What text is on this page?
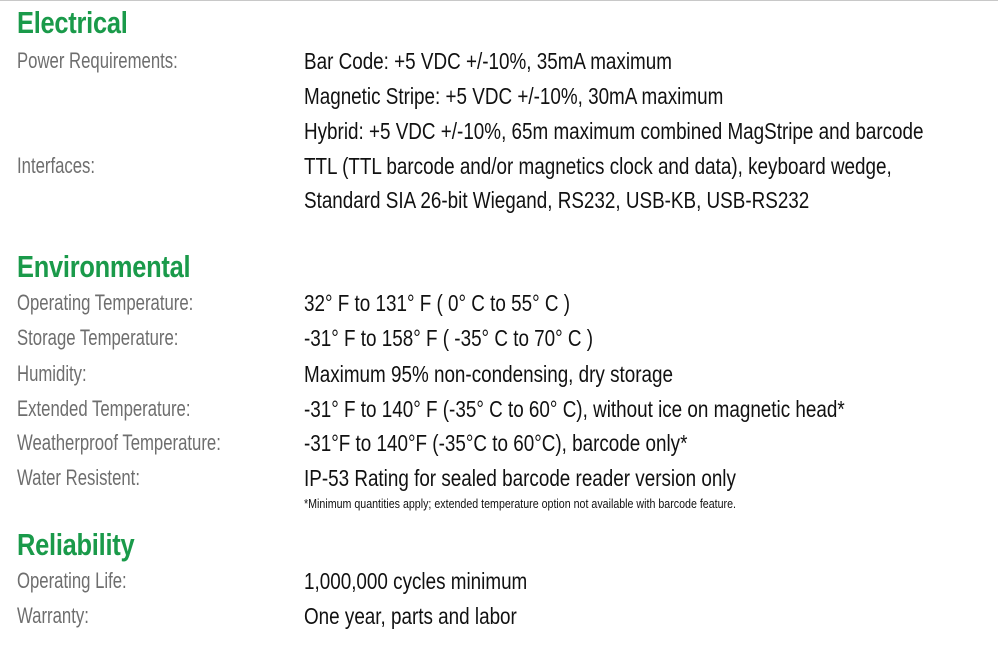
Electrical
Power Requirements:	Bar Code: +5 VDC +/-10%, 35mA maximum
Magnetic Stripe: +5 VDC +/-10%, 30mA maximum
Hybrid: +5 VDC +/-10%, 65m maximum combined MagStripe and barcode
Interfaces:	TTL (TTL barcode and/or magnetics clock and data), keyboard wedge,
Standard SIA 26-bit Wiegand, RS232, USB-KB, USB-RS232
Environmental
Operating Temperature:	32° F to 131° F ( 0° C to 55° C )
Storage Temperature:	-31° F to 158° F ( -35° C to 70° C )
Humidity:	Maximum 95% non-condensing, dry storage
Extended Temperature:	-31° F to 140° F (-35° C to 60° C), without ice on magnetic head*
Weatherproof Temperature:	-31°F to 140°F (-35°C to 60°C), barcode only*
Water Resistent:	IP-53 Rating for sealed barcode reader version only
*Minimum quantities apply; extended temperature option not available with barcode feature.
Reliability
Operating Life:	1,000,000 cycles minimum
Warranty:	One year, parts and labor
